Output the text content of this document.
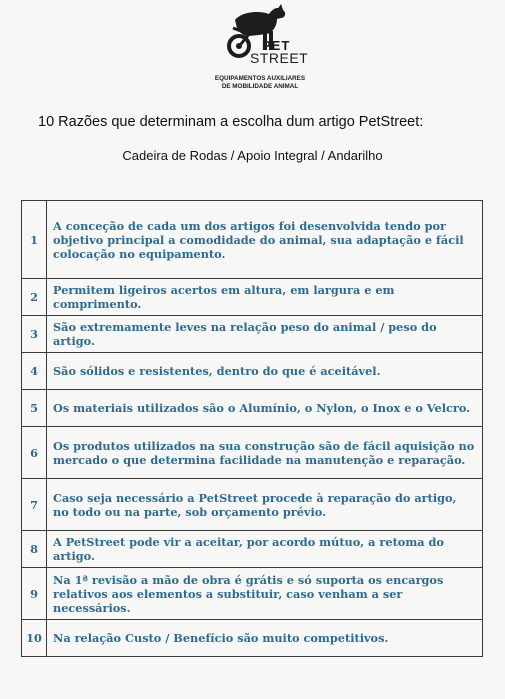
PET
STREET
EQUIPAMENTOS AUXILIARES
DE MOBILIDADE ANIMAL
10 Razões que determinam a escolha dum artigo PetStreet:
Cadeira de Rodas / Apoio Integral / Andarilho
1	A conceção de cada um dos artigos foi desenvolvida tendo por objetivo principal a comodidade do animal, sua adaptação e fácil colocação no equipamento.
2	Permitem ligeiros acertos em altura, em largura e em comprimento.
3	São extremamente leves na relação peso do animal / peso do artigo.
4	São sólidos e resistentes, dentro do que é aceitável.
5	Os materiais utilizados são o Alumínio, o Nylon, o Inox e o Velcro.
6	Os produtos utilizados na sua construção são de fácil aquisição no mercado o que determina facilidade na manutenção e reparação.
7	Caso seja necessário a PetStreet procede à reparação do artigo, no todo ou na parte, sob orçamento prévio.
8	A PetStreet pode vir a aceitar, por acordo mútuo, a retoma do artigo.
9	Na 1ª revisão a mão de obra é grátis e só suporta os encargos relativos aos elementos a substituir, caso venham a ser necessários.
10	Na relação Custo / Benefício são muito competitivos.
